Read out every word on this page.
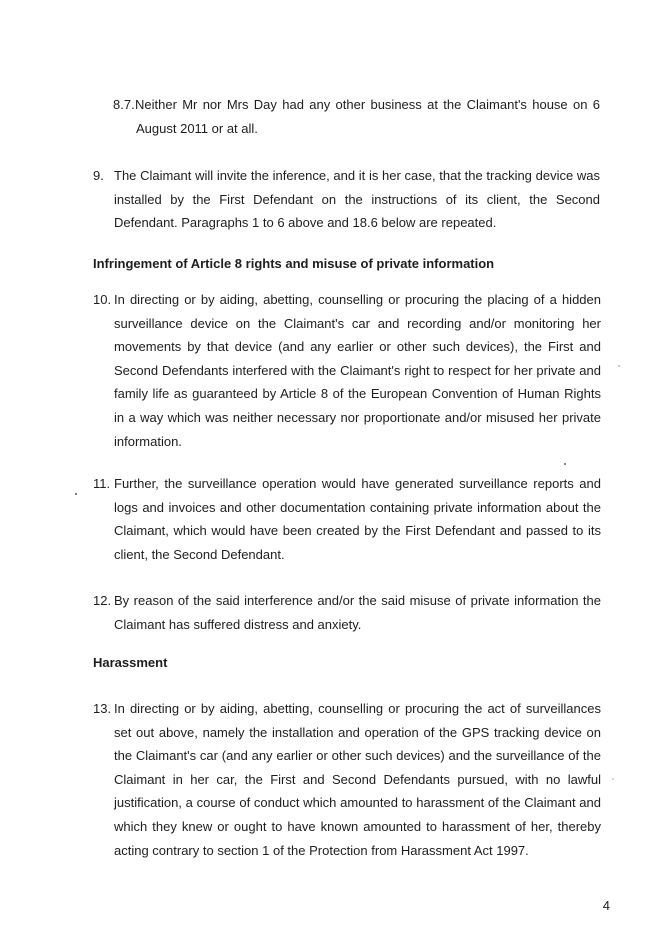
8.7. Neither Mr nor Mrs Day had any other business at the Claimant's house on 6 August 2011 or at all.
9. The Claimant will invite the inference, and it is her case, that the tracking device was installed by the First Defendant on the instructions of its client, the Second Defendant. Paragraphs 1 to 6 above and 18.6 below are repeated.
Infringement of Article 8 rights and misuse of private information
10. In directing or by aiding, abetting, counselling or procuring the placing of a hidden surveillance device on the Claimant's car and recording and/or monitoring her movements by that device (and any earlier or other such devices), the First and Second Defendants interfered with the Claimant's right to respect for her private and family life as guaranteed by Article 8 of the European Convention of Human Rights in a way which was neither necessary nor proportionate and/or misused her private information.
11. Further, the surveillance operation would have generated surveillance reports and logs and invoices and other documentation containing private information about the Claimant, which would have been created by the First Defendant and passed to its client, the Second Defendant.
12. By reason of the said interference and/or the said misuse of private information the Claimant has suffered distress and anxiety.
Harassment
13. In directing or by aiding, abetting, counselling or procuring the act of surveillances set out above, namely the installation and operation of the GPS tracking device on the Claimant's car (and any earlier or other such devices) and the surveillance of the Claimant in her car, the First and Second Defendants pursued, with no lawful justification, a course of conduct which amounted to harassment of the Claimant and which they knew or ought to have known amounted to harassment of her, thereby acting contrary to section 1 of the Protection from Harassment Act 1997.
4
